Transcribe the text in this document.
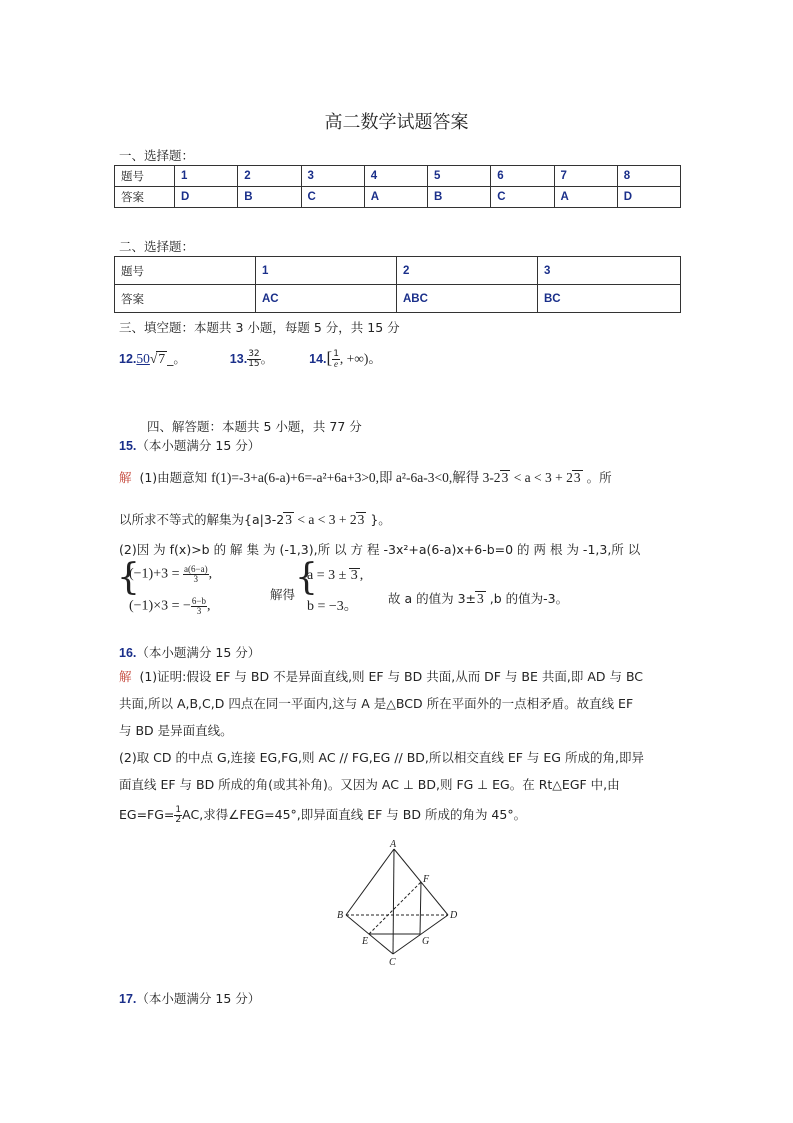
高二数学试题答案
一、选择题：
题号	1	2	3	4	5	6	7	8
答案	D	B	C	A	B	C	A	D
二、选择题：
题号	1	2	3
答案	AC	ABC	BC
三、填空题：本题共 3 小题，每题 5 分，共 15 分
12.50√7 _。	13. $\frac{32}{15}$ 。	$14.[ \frac{1}{e}$ , +∞)。
四、解答题：本题共 5 小题，共 77 分
15.（本小题满分 15 分）
解 (1)由题意知 f(1)=-3+a(6-a)+6=-a²+6a+3>0,即 a²-6a-3<0,解得 3-23 < a < 3 + 23 。所
以所求不等式的解集为{a|3-23 < a < 3 + 23 }。
(2)因 为 f(x)>b 的 解 集 为 (-1,3),所 以 方 程 -3x²+a(6-a)x+6-b=0 的 两 根 为 -1,3,所 以
{
$(-1)+3 = \frac{a(6-a)}{3}$ ,
(−1)×3 = − $\frac{6-b}{3}$ ,
解得 {
a = 3 ± 3 ,
b = −3。
故 a 的值为 3±3 ,b 的值为-3。
16.（本小题满分 15 分）
解 (1)证明:假设 EF 与 BD 不是异面直线,则 EF 与 BD 共面,从而 DF 与 BE 共面,即 AD 与 BC
共面,所以 A,B,C,D 四点在同一平面内,这与 A 是△BCD 所在平面外的一点相矛盾。故直线 EF
与 BD 是异面直线。
(2)取 CD 的中点 G,连接 EG,FG,则 AC // FG,EG // BD,所以相交直线 EF 与 EG 所成的角,即异
面直线 EF 与 BD 所成的角(或其补角)。又因为 AC ⊥ BD,则 FG ⊥ EG。在 Rt△EGF 中,由
$EG=FG= \frac{1}{2}$ AC,求得∠FEG=45°,即异面直线 EF 与 BD 所成的角为 45°。
A
F
B	D
E	G
C
17.（本小题满分 15 分）
